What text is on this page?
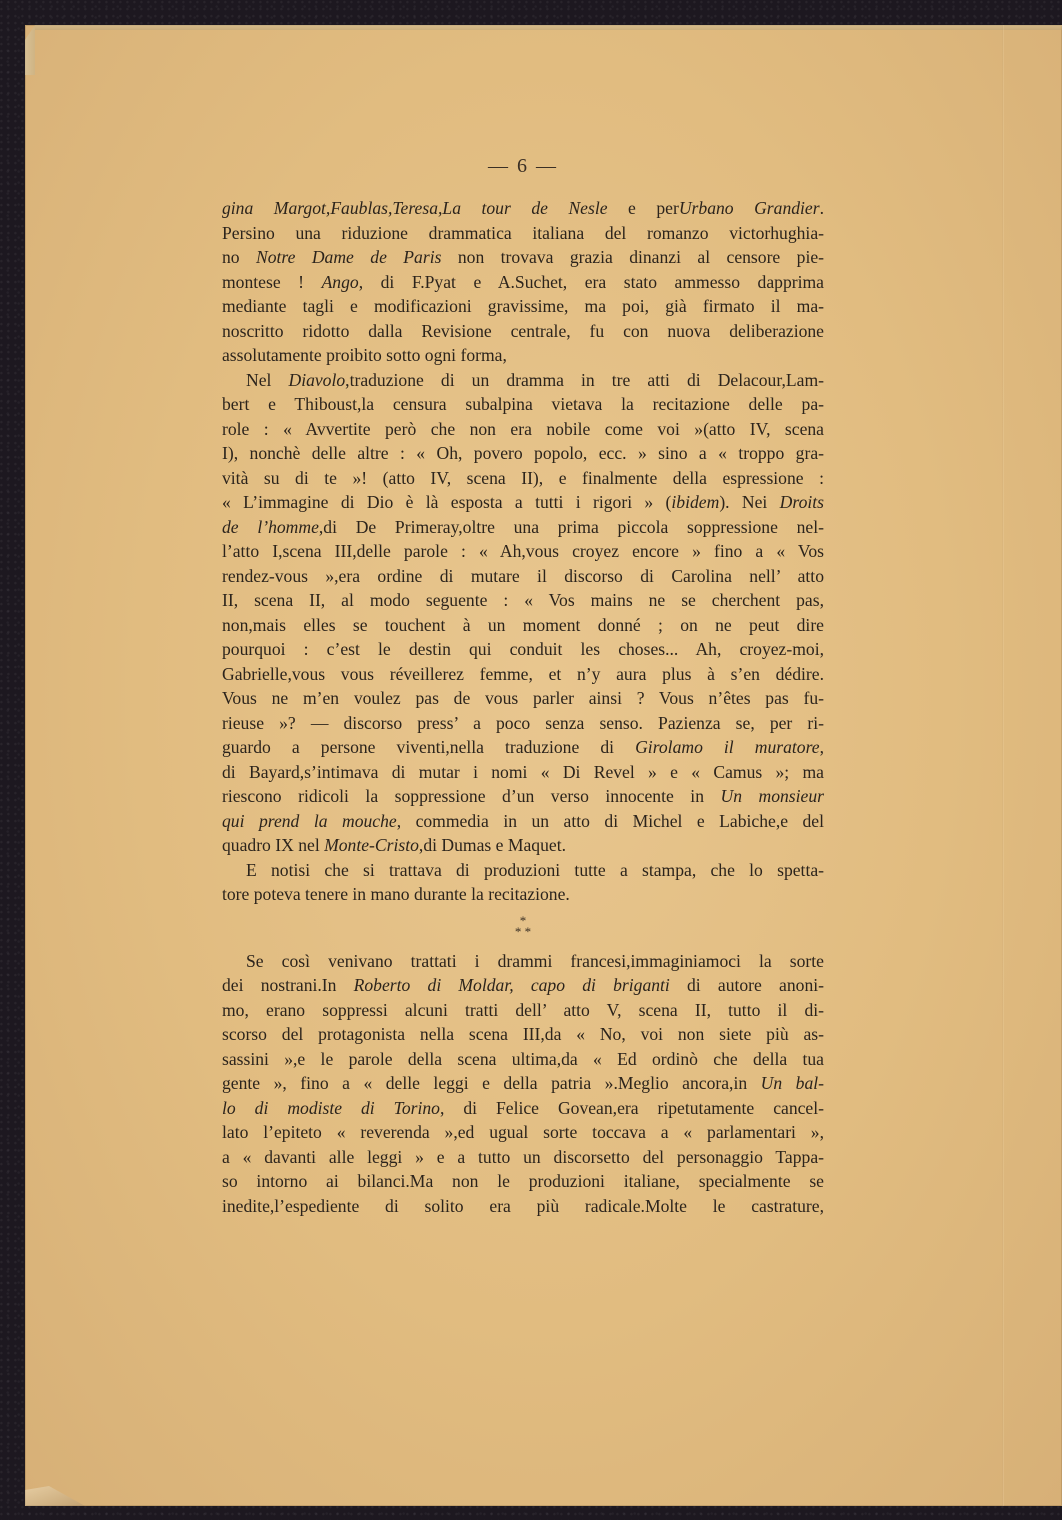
— 6 —
gina Margot,Faublas,Teresa,La tour de Nesle e perUrbano Grandier.
Persino una riduzione drammatica italiana del romanzo victorhughia-
no Notre Dame de Paris non trovava grazia dinanzi al censore pie-
montese ! Ango, di F.Pyat e A.Suchet, era stato ammesso dapprima
mediante tagli e modificazioni gravissime, ma poi, già firmato il ma-
noscritto ridotto dalla Revisione centrale, fu con nuova deliberazione
assolutamente proibito sotto ogni forma,
Nel Diavolo,traduzione di un dramma in tre atti di Delacour,Lam-
bert e Thiboust,la censura subalpina vietava la recitazione delle pa-
role : « Avvertite però che non era nobile come voi »(atto IV, scena
I), nonchè delle altre : « Oh, povero popolo, ecc. » sino a « troppo gra-
vità su di te »! (atto IV, scena II), e finalmente della espressione :
« L’immagine di Dio è là esposta a tutti i rigori » (ibidem). Nei Droits
de l’homme,di De Primeray,oltre una prima piccola soppressione nel-
l’atto I,scena III,delle parole : « Ah,vous croyez encore » fino a « Vos
rendez-vous »,era ordine di mutare il discorso di Carolina nell’ atto
II, scena II, al modo seguente : « Vos mains ne se cherchent pas,
non,mais elles se touchent à un moment donné ; on ne peut dire
pourquoi : c’est le destin qui conduit les choses... Ah, croyez-moi,
Gabrielle,vous vous réveillerez femme, et n’y aura plus à s’en dédire.
Vous ne m’en voulez pas de vous parler ainsi ? Vous n’êtes pas fu-
rieuse »? — discorso press’ a poco senza senso. Pazienza se, per ri-
guardo a persone viventi,nella traduzione di Girolamo il muratore,
di Bayard,s’intimava di mutar i nomi « Di Revel » e « Camus »; ma
riescono ridicoli la soppressione d’un verso innocente in Un monsieur
qui prend la mouche, commedia in un atto di Michel e Labiche,e del
quadro IX nel Monte-Cristo,di Dumas e Maquet.
E notisi che si trattava di produzioni tutte a stampa, che lo spetta-
tore poteva tenere in mano durante la recitazione.
*
* *
Se così venivano trattati i drammi francesi,immaginiamoci la sorte
dei nostrani.In Roberto di Moldar, capo di briganti di autore anoni-
mo, erano soppressi alcuni tratti dell’ atto V, scena II, tutto il di-
scorso del protagonista nella scena III,da « No, voi non siete più as-
sassini »,e le parole della scena ultima,da « Ed ordinò che della tua
gente », fino a « delle leggi e della patria ».Meglio ancora,in Un bal-
lo di modiste di Torino, di Felice Govean,era ripetutamente cancel-
lato l’epiteto « reverenda »,ed ugual sorte toccava a « parlamentari »,
a « davanti alle leggi » e a tutto un discorsetto del personaggio Tappa-
so intorno ai bilanci.Ma non le produzioni italiane, specialmente se
inedite,l’espediente di solito era più radicale.Molte le castrature,
